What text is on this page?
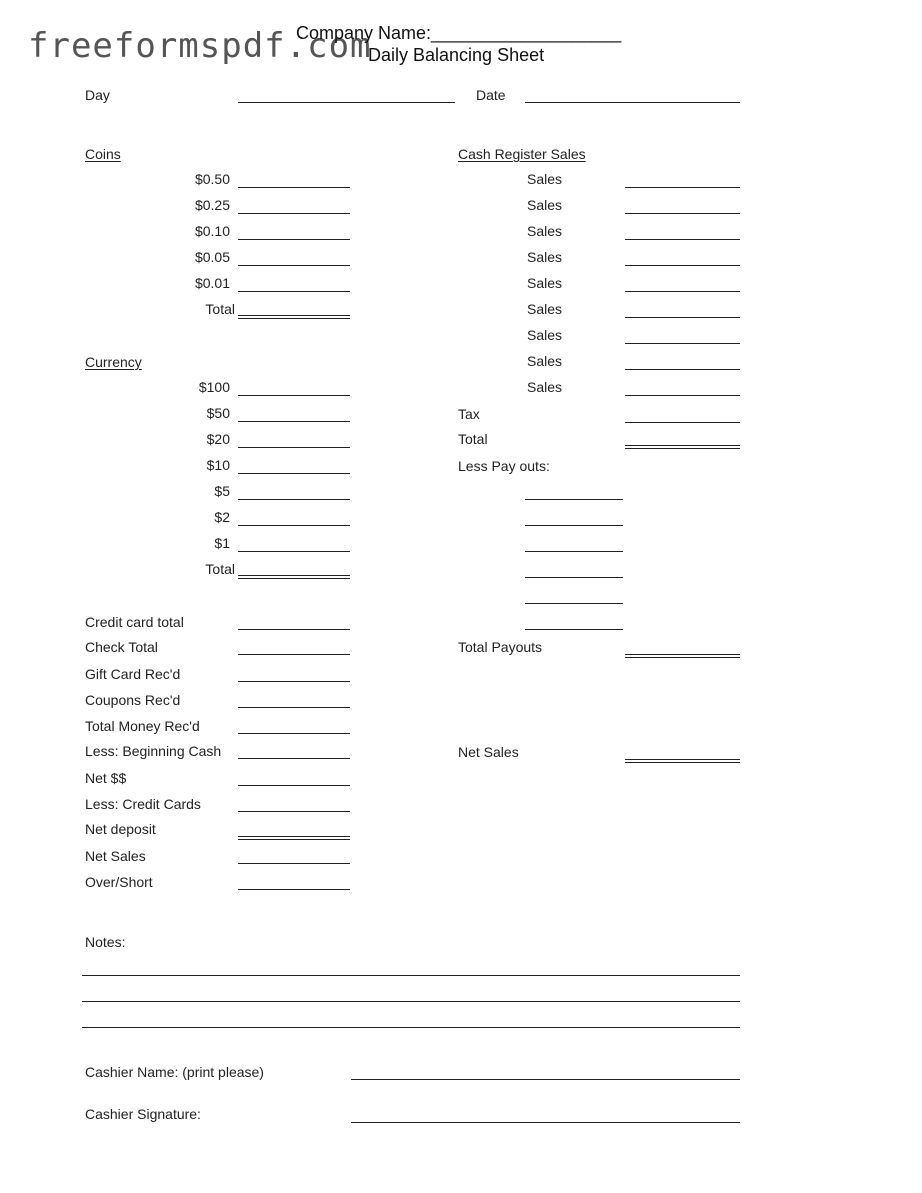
freeformspdf.com
Company Name:___________________
Daily Balancing Sheet
Day	Date
Coins
$0.50
$0.25
$0.10
$0.05
$0.01
Total
Currency
$100
$50
$20
$10
$5
$2
$1
Total
Cash Register Sales
Sales
Sales
Sales
Sales
Sales
Sales
Sales
Sales
Sales
Tax
Total
Less Pay outs:
Total Payouts
Net Sales
Credit card total
Check Total
Gift Card Rec'd
Coupons Rec'd
Total Money Rec'd
Less: Beginning Cash
Net $$
Less: Credit Cards
Net deposit
Net Sales
Over/Short
Notes:
Cashier Name: (print please)
Cashier Signature:
